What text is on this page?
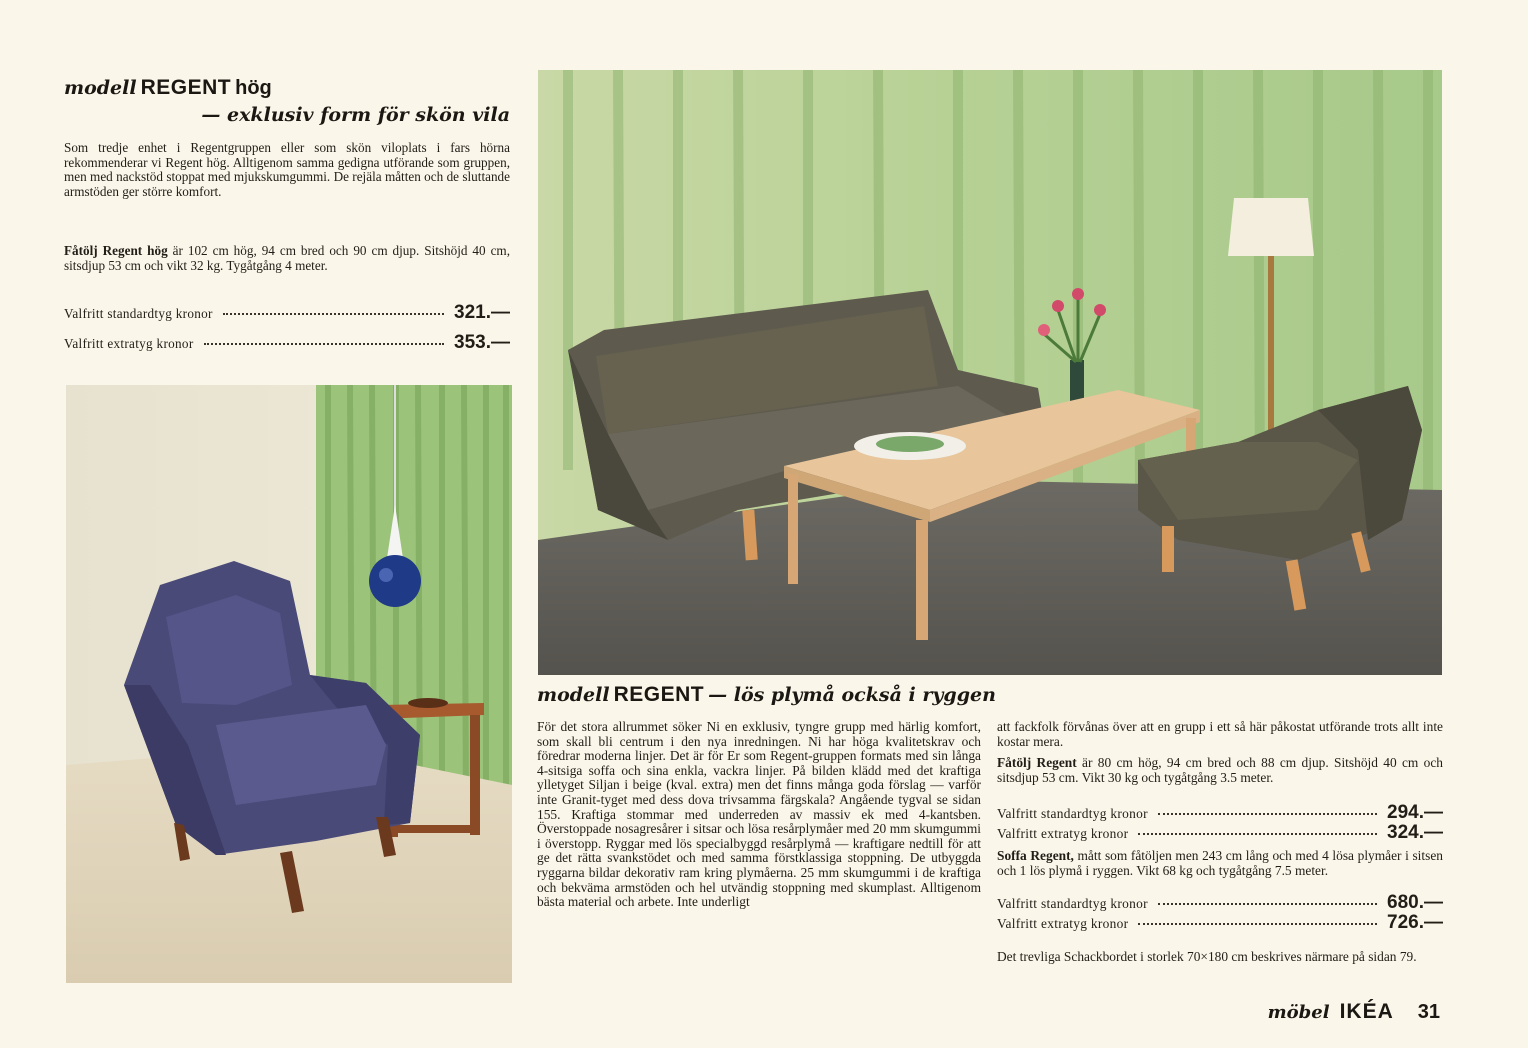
modell REGENT hög
— exklusiv form för skön vila
Som tredje enhet i Regentgruppen eller som skön viloplats i fars hörna rekommenderar vi Regent hög. Alltigenom samma gedigna utförande som gruppen, men med nackstöd stoppat med mjukskumgummi. De rejäla måtten och de sluttande armstöden ger större komfort.
Fåtölj Regent hög är 102 cm hög, 94 cm bred och 90 cm djup. Sitshöjd 40 cm, sitsdjup 53 cm och vikt 32 kg. Tygåtgång 4 meter.
Valfritt standardtyg kronor	321.—
Valfritt extratyg kronor	353.—
modell REGENT — lös plymå också i ryggen
För det stora allrummet söker Ni en exklusiv, tyngre grupp med härlig komfort, som skall bli centrum i den nya inredningen. Ni har höga kvalitetskrav och föredrar moderna linjer. Det är för Er som Regent-gruppen formats med sin långa 4-sitsiga soffa och sina enkla, vackra linjer. På bilden klädd med det kraftiga ylletyget Siljan i beige (kval. extra) men det finns många goda förslag — varför inte Granit-tyget med dess dova trivsamma färgskala? Angående tygval se sidan 155. Kraftiga stommar med underreden av massiv ek med 4-kantsben. Överstoppade nosagresårer i sitsar och lösa resårplymåer med 20 mm skumgummi i överstopp. Ryggar med lös specialbyggd resårplymå — kraftigare nedtill för att ge det rätta svankstödet och med samma förstklassiga stoppning. De utbyggda ryggarna bildar dekorativ ram kring plymåerna. 25 mm skumgummi i de kraftiga och bekväma armstöden och hel utvändig stoppning med skumplast. Alltigenom bästa material och arbete. Inte underligt
att fackfolk förvånas över att en grupp i ett så här påkostat utförande trots allt inte kostar mera.
Fåtölj Regent är 80 cm hög, 94 cm bred och 88 cm djup. Sitshöjd 40 cm och sitsdjup 53 cm. Vikt 30 kg och tygåtgång 3.5 meter.
Valfritt standardtyg kronor	294.—
Valfritt extratyg kronor	324.—
Soffa Regent, mått som fåtöljen men 243 cm lång och med 4 lösa plymåer i sitsen och 1 lös plymå i ryggen. Vikt 68 kg och tygåtgång 7.5 meter.
Valfritt standardtyg kronor	680.—
Valfritt extratyg kronor	726.—
Det trevliga Schackbordet i storlek 70×180 cm beskrives närmare på sidan 79.
möbel IKÉA 31
